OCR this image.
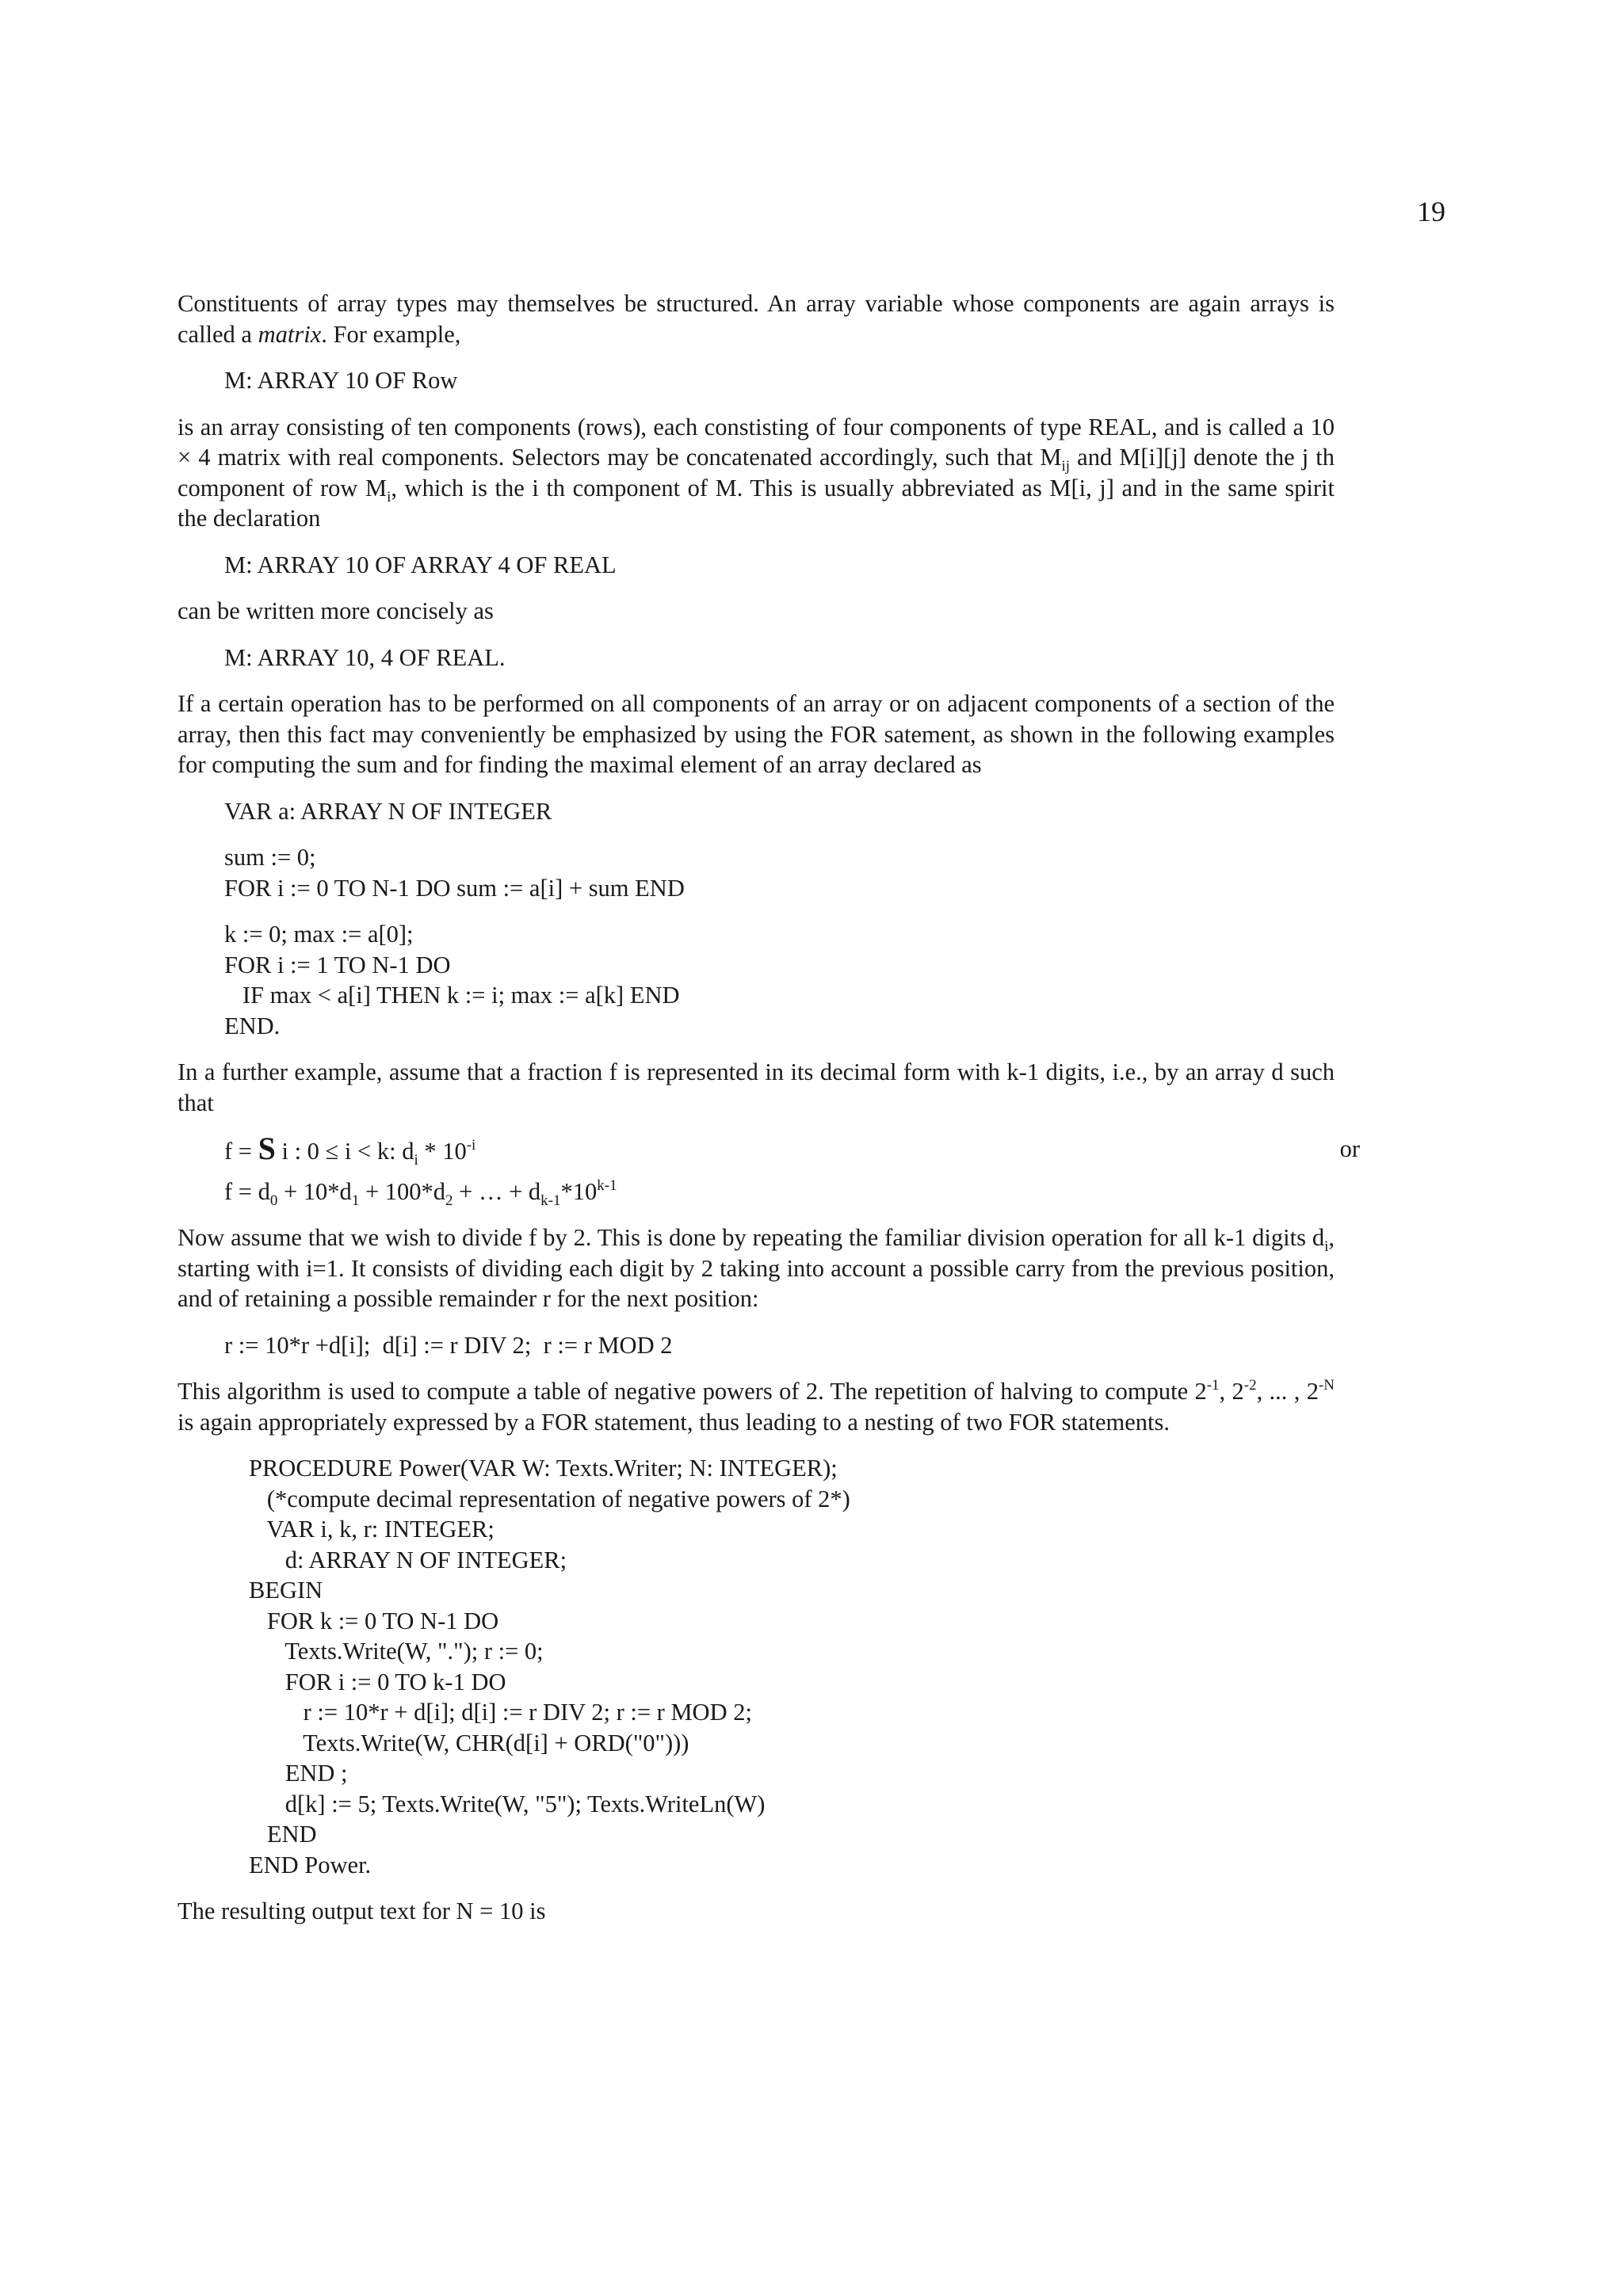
19

Constituents of array types may themselves be structured. An array variable whose components are again arrays is called a matrix. For example,

M: ARRAY 10 OF Row

is an array consisting of ten components (rows), each constisting of four components of type REAL, and is called a 10 × 4 matrix with real components. Selectors may be concatenated accordingly, such that $M_{ij}$ and M[i][j] denote the j th component of row $M_i$, which is the i th component of M. This is usually abbreviated as M[i, j] and in the same spirit the declaration

M: ARRAY 10 OF ARRAY 4 OF REAL

can be written more concisely as

M: ARRAY 10, 4 OF REAL.

If a certain operation has to be performed on all components of an array or on adjacent components of a section of the array, then this fact may conveniently be emphasized by using the FOR satement, as shown in the following examples for computing the sum and for finding the maximal element of an array declared as

VAR a: ARRAY N OF INTEGER
sum := 0;
FOR i := 0 TO N-1 DO sum := a[i] + sum END
k := 0; max := a[0];
FOR i := 1 TO N-1 DO
IF max < a[i] THEN k := i; max := a[k] END
END.

In a further example, assume that a fraction f is represented in its decimal form with k-1 digits, i.e., by an array d such that

f = S i : 0 ≤ i < k: $d_i * 10^{-i}$	or
$f = d_0 + 10*d_1 + 100*d_2$ + … + $d_{k-1}*10^{k-1}$

Now assume that we wish to divide f by 2. This is done by repeating the familiar division operation for all k-1 digits $d_i$, starting with i=1. It consists of dividing each digit by 2 taking into account a possible carry from the previous position, and of retaining a possible remainder r for the next position:

r := 10*r +d[i];  d[i] := r DIV 2;  r := r MOD 2

This algorithm is used to compute a table of negative powers of 2. The repetition of halving to compute $2^{-1}$, $2^{-2}$, ... , $2^{-N}$ is again appropriately expressed by a FOR statement, thus leading to a nesting of two FOR statements.

PROCEDURE Power(VAR W: Texts.Writer; N: INTEGER);
(*compute decimal representation of negative powers of 2*)
VAR i, k, r: INTEGER;
d: ARRAY N OF INTEGER;
BEGIN
FOR k := 0 TO N-1 DO
Texts.Write(W, "."); r := 0;
FOR i := 0 TO k-1 DO
r := 10*r + d[i]; d[i] := r DIV 2; r := r MOD 2;
Texts.Write(W, CHR(d[i] + ORD("0")))
END ;
d[k] := 5; Texts.Write(W, "5"); Texts.WriteLn(W)
END
END Power.

The resulting output text for N = 10 is
